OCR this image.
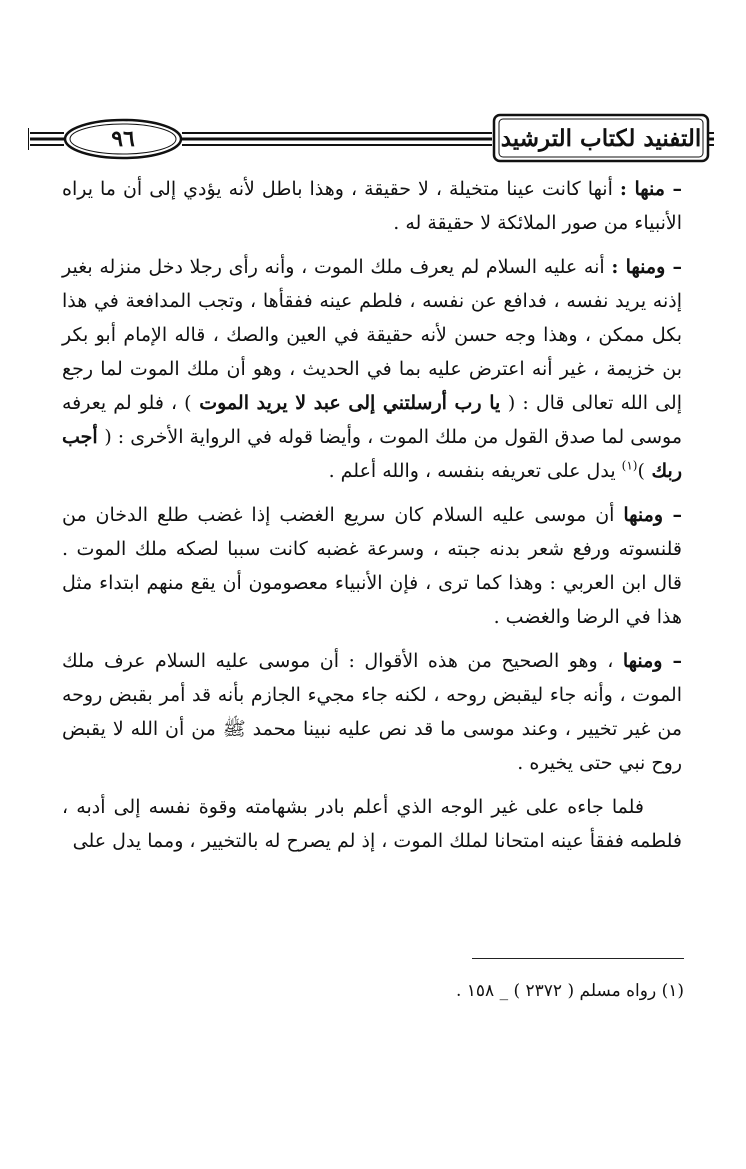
٩٦	التفنيد لكتاب الترشيد

– منها : أنها كانت عينا متخيلة ، لا حقيقة ، وهذا باطل لأنه يؤدي إلى أن ما يراه الأنبياء من صور الملائكة لا حقيقة له .

– ومنها : أنه عليه السلام لم يعرف ملك الموت ، وأنه رأى رجلا دخل منزله بغير إذنه يريد نفسه ، فدافع عن نفسه ، فلطم عينه ففقأها ، وتجب المدافعة في هذا بكل ممكن ، وهذا وجه حسن لأنه حقيقة في العين والصك ، قاله الإمام أبو بكر بن خزيمة ، غير أنه اعترض عليه بما في الحديث ، وهو أن ملك الموت لما رجع إلى الله تعالى قال : ( يا رب أرسلتني إلى عبد لا يريد الموت ) ، فلو لم يعرفه موسى لما صدق القول من ملك الموت ، وأيضا قوله في الرواية الأخرى : ( أجب ربك )$^{(١)}$ يدل على تعريفه بنفسه ، والله أعلم .

– ومنها أن موسى عليه السلام كان سريع الغضب إذا غضب طلع الدخان من قلنسوته ورفع شعر بدنه جبته ، وسرعة غضبه كانت سببا لصكه ملك الموت . قال ابن العربي : وهذا كما ترى ، فإن الأنبياء معصومون أن يقع منهم ابتداء مثل هذا في الرضا والغضب .

– ومنها ، وهو الصحيح من هذه الأقوال : أن موسى عليه السلام عرف ملك الموت ، وأنه جاء ليقبض روحه ، لكنه جاء مجيء الجازم بأنه قد أمر بقبض روحه من غير تخيير ، وعند موسى ما قد نص عليه نبينا محمد ﷺ من أن الله لا يقبض روح نبي حتى يخيره .

فلما جاءه على غير الوجه الذي أعلم بادر بشهامته وقوة نفسه إلى أدبه ، فلطمه ففقأ عينه امتحانا لملك الموت ، إذ لم يصرح له بالتخيير ، ومما يدل على

(١) رواه مسلم ( ٢٣٧٢ ) _ ١٥٨ .
